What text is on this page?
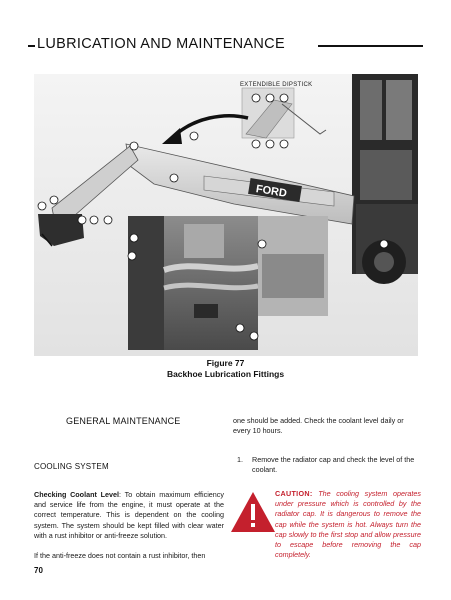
LUBRICATION AND MAINTENANCE
FORD
EXTENDIBLE DIPSTICK
Figure 77
Backhoe Lubrication Fittings
GENERAL MAINTENANCE
COOLING SYSTEM
Checking Coolant Level: To obtain maximum efficiency and service life from the engine, it must operate at the correct temperature. This is dependent on the cooling system. The system should be kept filled with clear water with a rust inhibitor or anti-freeze solution.
If the anti-freeze does not contain a rust inhibitor, then
one should be added. Check the coolant level daily or every 10 hours.
1. Remove the radiator cap and check the level of the coolant.
CAUTION: The cooling system operates under pressure which is controlled by the radiator cap. It is dangerous to remove the cap while the system is hot. Always turn the cap slowly to the first stop and allow pressure to escape before removing the cap completely.
70
